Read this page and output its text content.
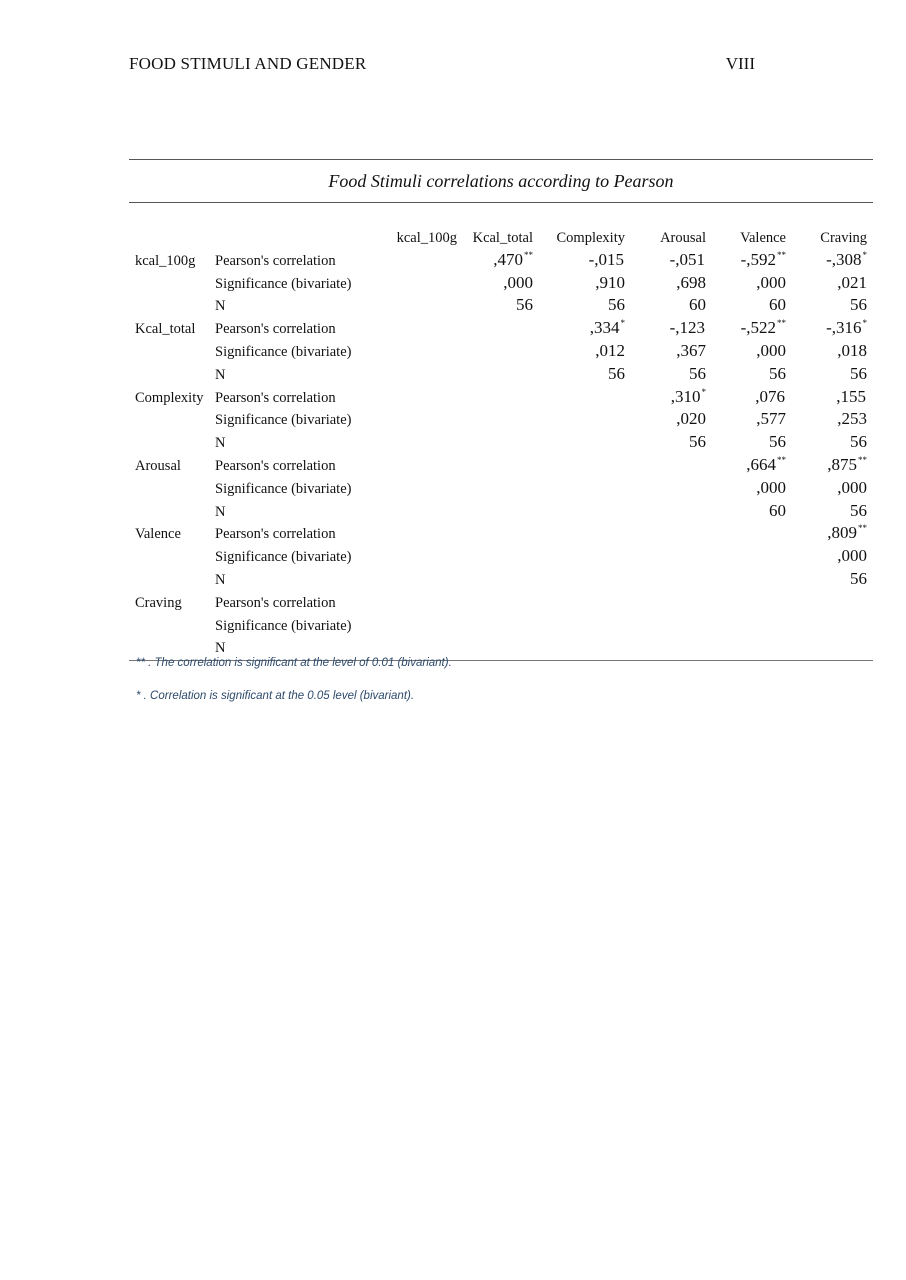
FOOD STIMULI AND GENDER	VIII
Food Stimuli correlations according to Pearson
		kcal_100g	Kcal_total	Complexity	Arousal	Valence	Craving
kcal_100g	Pearson's correlation		,470**	-,015	-,051	-,592**	-,308*
	Significance (bivariate)		,000	,910	,698	,000	,021
	N		56	56	60	60	56
Kcal_total	Pearson's correlation			,334*	-,123	-,522**	-,316*
	Significance (bivariate)			,012	,367	,000	,018
	N			56	56	56	56
Complexity	Pearson's correlation				,310*	,076	,155
	Significance (bivariate)				,020	,577	,253
	N				56	56	56
Arousal	Pearson's correlation					,664**	,875**
	Significance (bivariate)					,000	,000
	N					60	56
Valence	Pearson's correlation						,809**
	Significance (bivariate)						,000
	N						56
Craving	Pearson's correlation						
	Significance (bivariate)						
	N						
** . The correlation is significant at the level of 0.01 (bivariant).
* . Correlation is significant at the 0.05 level (bivariant).
